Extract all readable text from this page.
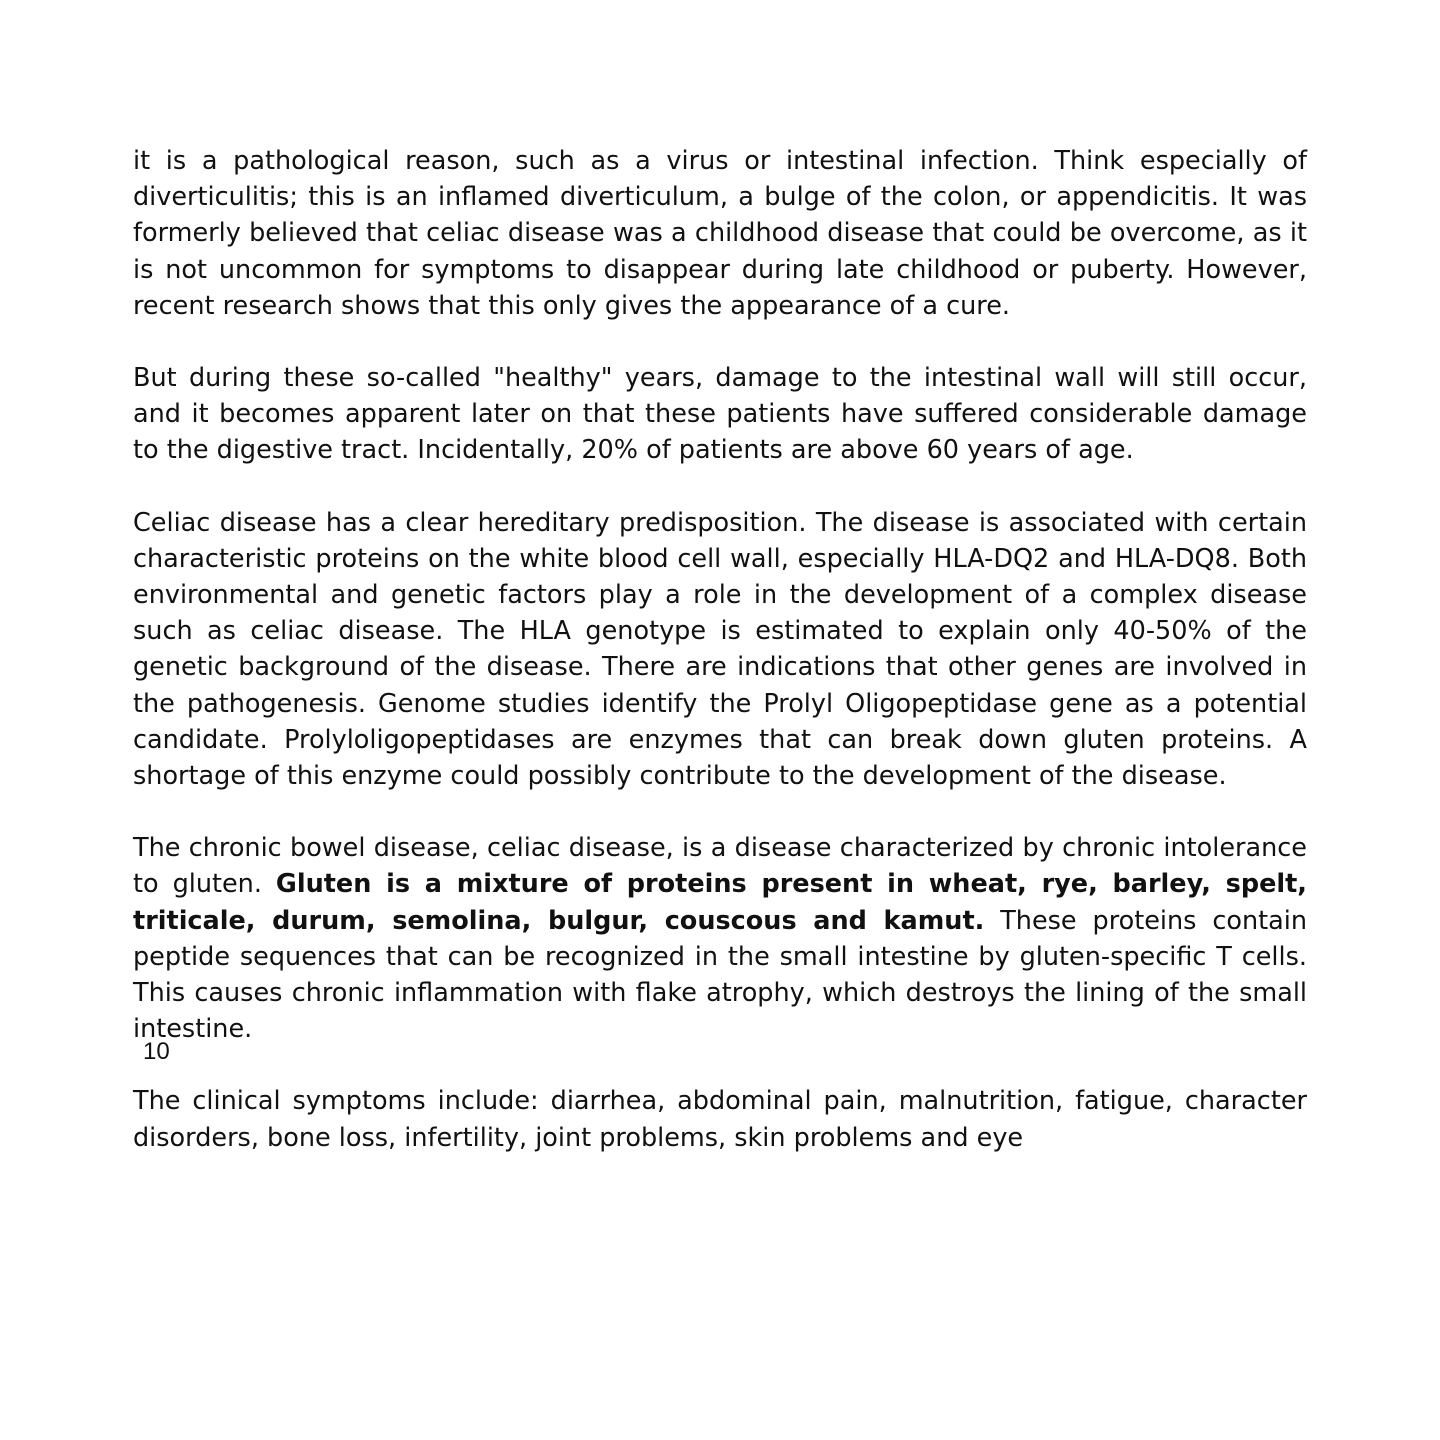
it is a pathological reason, such as a virus or intestinal infection. Think especially of diverticulitis; this is an inflamed diverticulum, a bulge of the colon, or appendicitis. It was formerly believed that celiac disease was a childhood disease that could be overcome, as it is not uncommon for symptoms to disappear during late childhood or puberty. However, recent research shows that this only gives the appearance of a cure.

But during these so-called "healthy" years, damage to the intestinal wall will still occur, and it becomes apparent later on that these patients have suffered considerable damage to the digestive tract. Incidentally, 20% of patients are above 60 years of age.

Celiac disease has a clear hereditary predisposition. The disease is associated with certain characteristic proteins on the white blood cell wall, especially HLA-DQ2 and HLA-DQ8. Both environmental and genetic factors play a role in the development of a complex disease such as celiac disease. The HLA genotype is estimated to explain only 40-50% of the genetic background of the disease. There are indications that other genes are involved in the pathogenesis. Genome studies identify the Prolyl Oligopeptidase gene as a potential candidate. Prolyloligopeptidases are enzymes that can break down gluten proteins. A shortage of this enzyme could possibly contribute to the development of the disease.

The chronic bowel disease, celiac disease, is a disease characterized by chronic intolerance to gluten. Gluten is a mixture of proteins present in wheat, rye, barley, spelt, triticale, durum, semolina, bulgur, couscous and kamut. These proteins contain peptide sequences that can be recognized in the small intestine by gluten-specific T cells. This causes chronic inflammation with flake atrophy, which destroys the lining of the small intestine.

The clinical symptoms include: diarrhea, abdominal pain, malnutrition, fatigue, character disorders, bone loss, infertility, joint problems, skin problems and eye

10
